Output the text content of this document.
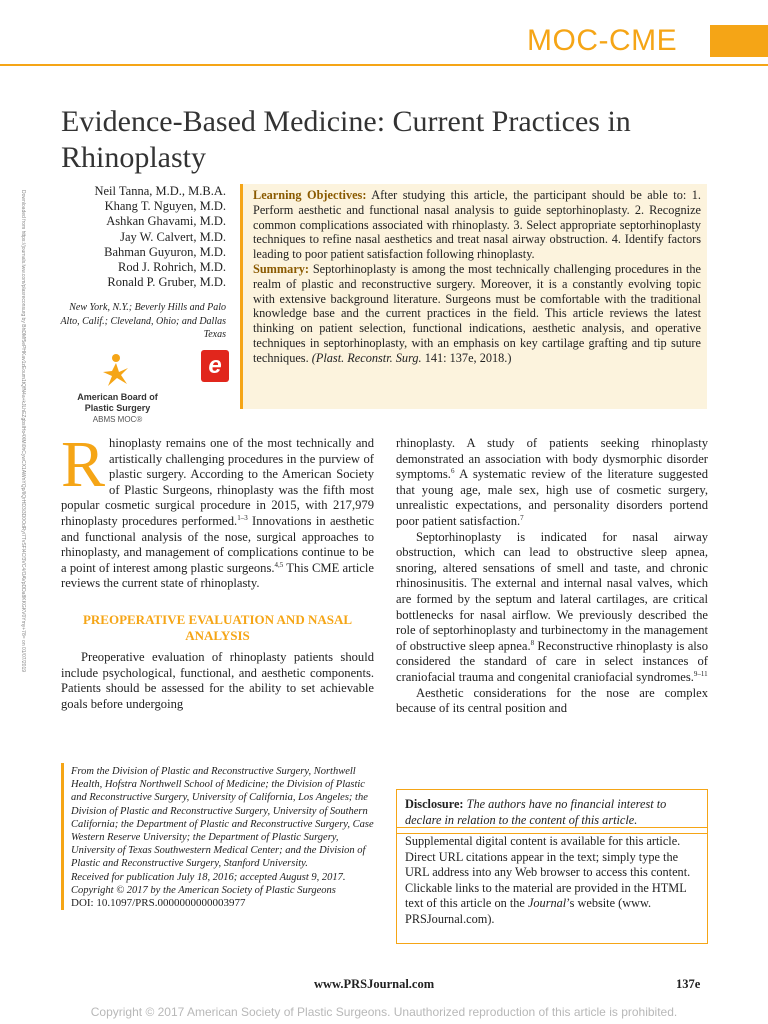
MOC-CME
Evidence-Based Medicine: Current Practices in Rhinoplasty
Downloaded from https://journals.lww.com/plasreconsurg by BhDMf5ePHKav1zEoum1tQfN4a+kJLhEZgbsIHo4XMi0hCywCX1AWnYQp/IlQrHD3i3D0OdRyi7TvSFl4Cf3VC4/OAVpDDa8KKGKV0Ymy+78= on 01/07/2019	Neil Tanna, M.D., M.B.A.
Khang T. Nguyen, M.D.
Ashkan Ghavami, M.D.
Jay W. Calvert, M.D.
Bahman Guyuron, M.D.
Rod J. Rohrich, M.D.
Ronald P. Gruber, M.D.
New York, N.Y.; Beverly Hills and Palo Alto, Calif.; Cleveland, Ohio; and Dallas Texas
American Board of
Plastic Surgery
ABMS MOC®
e

Learning Objectives: After studying this article, the participant should be able to: 1. Perform aesthetic and functional nasal analysis to guide septorhinoplasty. 2. Recognize common complications associated with rhinoplasty. 3. Select appropriate septorhinoplasty techniques to refine nasal aesthetics and treat nasal airway obstruction. 4. Identify factors leading to poor patient satisfaction following rhinoplasty.

Summary: Septorhinoplasty is among the most technically challenging procedures in the realm of plastic and reconstructive surgery. Moreover, it is a constantly evolving topic with extensive background literature. Surgeons must be comfortable with the traditional knowledge base and the current practices in the field. This article reviews the latest thinking on patient selection, functional indications, aesthetic analysis, and operative techniques in septorhinoplasty, with an emphasis on key cartilage grafting and tip suture techniques. (Plast. Reconstr. Surg. 141: 137e, 2018.)

Rhinoplasty remains one of the most technically and artistically challenging procedures in the purview of plastic surgery. According to the American Society of Plastic Surgeons, rhinoplasty was the fifth most popular cosmetic surgical procedure in 2015, with 217,979 rhinoplasty procedures performed.$^{1-3}$ Innovations in aesthetic and functional analysis of the nose, surgical approaches to rhinoplasty, and management of complications continue to be a point of interest among plastic surgeons.$^{4,5}$ This CME article reviews the current state of rhinoplasty.

PREOPERATIVE EVALUATION AND NASAL ANALYSIS

Preoperative evaluation of rhinoplasty patients should include psychological, functional, and aesthetic components. Patients should be assessed for the ability to set achievable goals before undergoing

rhinoplasty. A study of patients seeking rhinoplasty demonstrated an association with body dysmorphic disorder symptoms.$^6$ A systematic review of the literature suggested that young age, male sex, high use of cosmetic surgery, unrealistic expectations, and personality disorders portend poor patient satisfaction.$^7$

Septorhinoplasty is indicated for nasal airway obstruction, which can lead to obstructive sleep apnea, snoring, altered sensations of smell and taste, and chronic rhinosinusitis. The external and internal nasal valves, which are formed by the septum and lateral cartilages, are critical bottlenecks for nasal airflow. We previously described the role of septorhinoplasty and turbinectomy in the management of obstructive sleep apnea.$^8$ Reconstructive rhinoplasty is also considered the standard of care in select instances of craniofacial trauma and congenital craniofacial syndromes.$^{9-11}$

Aesthetic considerations for the nose are complex because of its central position and

From the Division of Plastic and Reconstructive Surgery, Northwell Health, Hofstra Northwell School of Medicine; the Division of Plastic and Reconstructive Surgery, University of California, Los Angeles; the Division of Plastic and Reconstructive Surgery, University of Southern California; the Department of Plastic and Reconstructive Surgery, Case Western Reserve University; the Department of Plastic Surgery, University of Texas Southwestern Medical Center; and the Division of Plastic and Reconstructive Surgery, Stanford University.

Received for publication July 18, 2016; accepted August 9, 2017.

Copyright © 2017 by the American Society of Plastic Surgeons

DOI: 10.1097/PRS.0000000000003977

Disclosure: The authors have no financial interest to declare in relation to the content of this article.
Supplemental digital content is available for this article. Direct URL citations appear in the text; simply type the URL address into any Web browser to access this content. Clickable links to the material are provided in the HTML text of this article on the Journal’s website (www. PRSJournal.com).
www.PRSJournal.com	137e
Copyright © 2017 American Society of Plastic Surgeons. Unauthorized reproduction of this article is prohibited.
